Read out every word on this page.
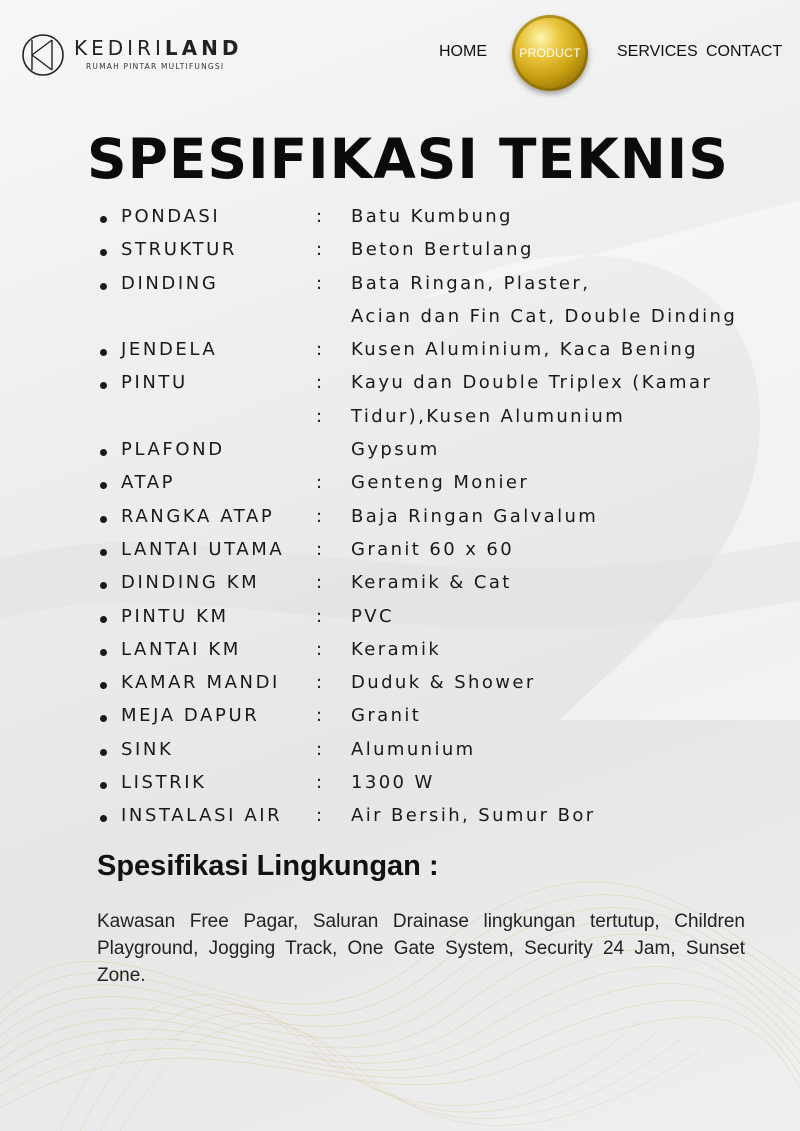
KEDIRILAND
RUMAH PINTAR MULTIFUNGSI
HOME	PRODUCT SERVICES CONTACT
SPESIFIKASI TEKNIS
PONDASI	: Batu Kumbung
STRUKTUR	: Beton Bertulang
DINDING	: Bata Ringan, Plaster,
Acian dan Fin Cat, Double Dinding
JENDELA	: Kusen Aluminium, Kaca Bening
PINTU	: Kayu dan Double Triplex (Kamar
: Tidur),Kusen Alumunium
PLAFOND	Gypsum
ATAP	: Genteng Monier
RANGKA ATAP : Baja Ringan Galvalum
LANTAI UTAMA : Granit 60 x 60
DINDING KM	: Keramik & Cat
PINTU KM	: PVC
LANTAI KM	: Keramik
KAMAR MANDI : Duduk & Shower
MEJA DAPUR	: Granit
SINK	: Alumunium
LISTRIK	: 1300 W
INSTALASI AIR : Air Bersih, Sumur Bor
Spesifikasi Lingkungan :

Kawasan Free Pagar, Saluran Drainase lingkungan tertutup, Children Playground, Jogging Track, One Gate System, Security 24 Jam, Sunset Zone.
